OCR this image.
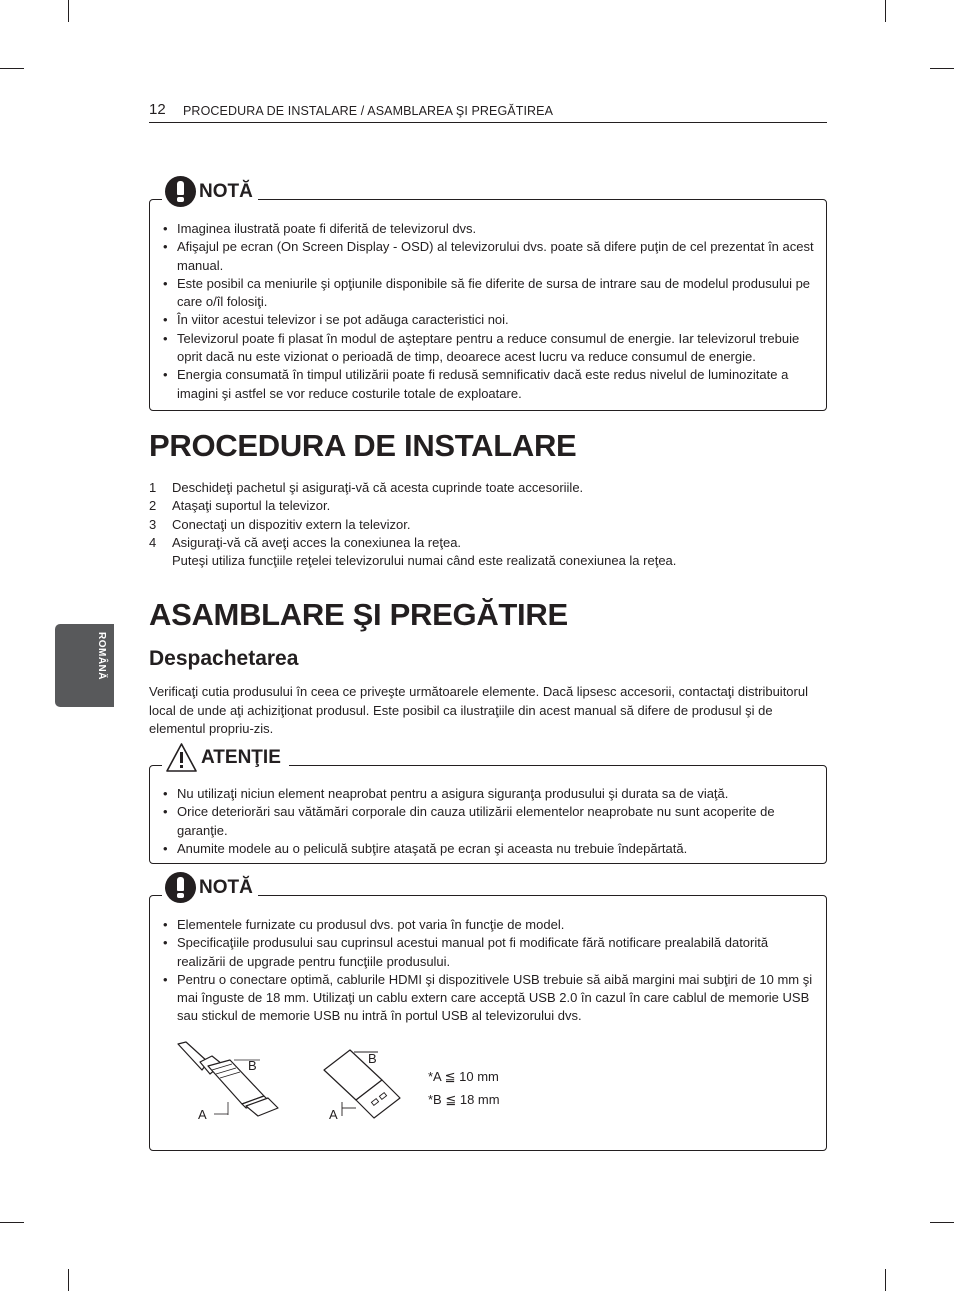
12 PROCEDURA DE INSTALARE / ASAMBLAREA ŞI PREGĂTIREA
ROMÂNĂ
NOTĂ
• Imaginea ilustrată poate fi diferită de televizorul dvs.
• Afişajul pe ecran (On Screen Display - OSD) al televizorului dvs. poate să difere puţin de cel prezentat în acest manual.
• Este posibil ca meniurile şi opţiunile disponibile să fie diferite de sursa de intrare sau de modelul produsului pe care o/îl folosiţi.
• În viitor acestui televizor i se pot adăuga caracteristici noi.
• Televizorul poate fi plasat în modul de aşteptare pentru a reduce consumul de energie. Iar televizorul trebuie oprit dacă nu este vizionat o perioadă de timp, deoarece acest lucru va reduce consumul de energie.
• Energia consumată în timpul utilizării poate fi redusă semnificativ dacă este redus nivelul de luminozitate a imagini şi astfel se vor reduce costurile totale de exploatare.
PROCEDURA DE INSTALARE
1 Deschideţi pachetul şi asiguraţi-vă că acesta cuprinde toate accesoriile.
2 Ataşaţi suportul la televizor.
3 Conectaţi un dispozitiv extern la televizor.
4 Asiguraţi-vă că aveţi acces la conexiunea la reţea.
Puteşi utiliza funcţiile reţelei televizorului numai când este realizată conexiunea la reţea.
ASAMBLARE ŞI PREGĂTIRE
Despachetarea

Verificaţi cutia produsului în ceea ce priveşte următoarele elemente. Dacă lipsesc accesorii, contactaţi distribuitorul local de unde aţi achiziţionat produsul. Este posibil ca ilustraţiile din acest manual să difere de produsul şi de elementul propriu-zis.

ATENŢIE
• Nu utilizaţi niciun element neaprobat pentru a asigura siguranţa produsului şi durata sa de viaţă.
• Orice deteriorări sau vătămări corporale din cauza utilizării elementelor neaprobate nu sunt acoperite de garanţie.
• Anumite modele au o peliculă subţire ataşată pe ecran şi aceasta nu trebuie îndepărtată.
NOTĂ
• Elementele furnizate cu produsul dvs. pot varia în funcţie de model.
• Specificaţiile produsului sau cuprinsul acestui manual pot fi modificate fără notificare prealabilă datorită realizării de upgrade pentru funcţiile produsului.
• Pentru o conectare optimă, cablurile HDMI şi dispozitivele USB trebuie să aibă margini mai subţiri de 10 mm şi mai înguste de 18 mm. Utilizaţi un cablu extern care acceptă USB 2.0 în cazul în care cablul de memorie USB sau stickul de memorie USB nu intră în portul USB al televizorului dvs.
B
A
B
A
*A ≦ 10 mm
*B ≦ 18 mm
